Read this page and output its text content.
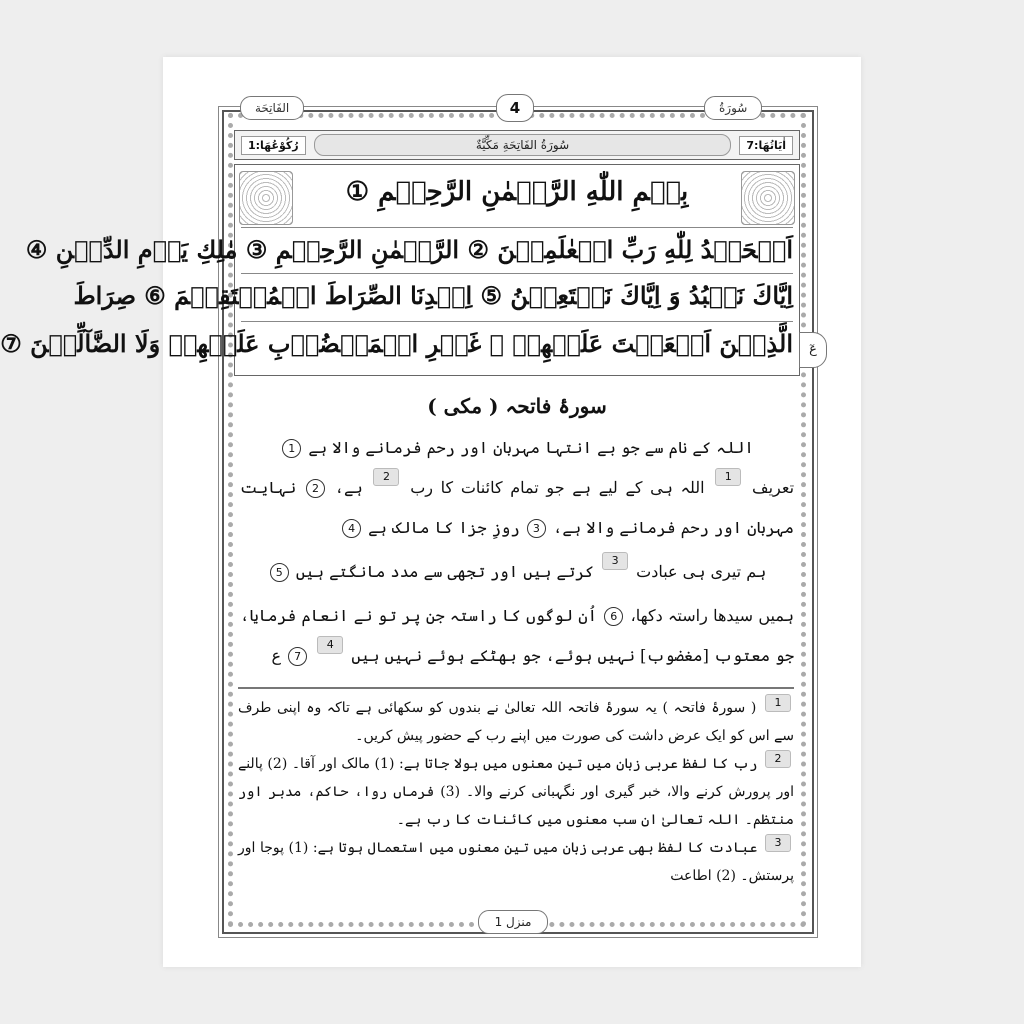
سُورَةُ
الفَاتِحَة	4
اٰيَاتُهَا:7
سُورَةُ الفَاتِحَةِ مَكِّيَّةٌ
رُكُوْعُهَا:1
بِسۡمِ اللّٰهِ الرَّحۡمٰنِ الرَّحِيۡمِ ①
اَلۡحَمۡدُ لِلّٰهِ رَبِّ الۡعٰلَمِيۡنَ ② الرَّحۡمٰنِ الرَّحِيۡمِ ③ مٰلِكِ يَوۡمِ الدِّيۡنِ ④
اِيَّاكَ نَعۡبُدُ وَ اِيَّاكَ نَسۡتَعِيۡنُ ⑤ اِهۡدِنَا الصِّرَاطَ الۡمُسۡتَقِيۡمَ ⑥ صِرَاطَ
الَّذِيۡنَ اَنۡعَمۡتَ عَلَيۡهِمۡ ۙ غَيۡرِ الۡمَغۡضُوۡبِ عَلَيۡهِمۡ وَلَا الضَّآلِّيۡنَ ⑦	عٓ
سورۂ فاتحہ ( مکی )
اللہ کے نام سے جو بے انتہا مہربان اور رحم فرمانے والا ہے 1
تعریف 1 اللہ ہی کے لیے ہے جو تمام کائنات کا رب 2 ہے، 2 نہایت مہربان اور رحم فرمانے والا ہے، 3 روزِ جزا کا مالک ہے 4
ہم تیری ہی عبادت 3 کرتے ہیں اور تجھی سے مدد مانگتے ہیں 5
ہمیں سیدھا راستہ دکھا، 6 اُن لوگوں کا راستہ جن پر تو نے انعام فرمایا، جو معتوب [مغضوب] نہیں ہوئے، جو بھٹکے ہوئے نہیں ہیں 4 7 ع

1 ( سورۂ فاتحہ ) یہ سورۂ فاتحہ اللہ تعالیٰ نے بندوں کو سکھائی ہے تاکہ وہ اپنی طرف سے اس کو ایک عرض داشت کی صورت میں اپنے رب کے حضور پیش کریں۔

2 رب کا لفظ عربی زبان میں تین معنوں میں بولا جاتا ہے: (1) مالک اور آقا۔ (2) پالنے اور پرورش کرنے والا، خبر گیری اور نگہبانی کرنے والا۔ (3) فرماں روا، حاکم، مدبر اور منتظم۔ اللہ تعالیٰ ان سب معنوں میں کائنات کا رب ہے۔

3 عبادت کا لفظ بھی عربی زبان میں تین معنوں میں استعمال ہوتا ہے: (1) پوجا اور پرستش۔ (2) اطاعت

منزل 1
